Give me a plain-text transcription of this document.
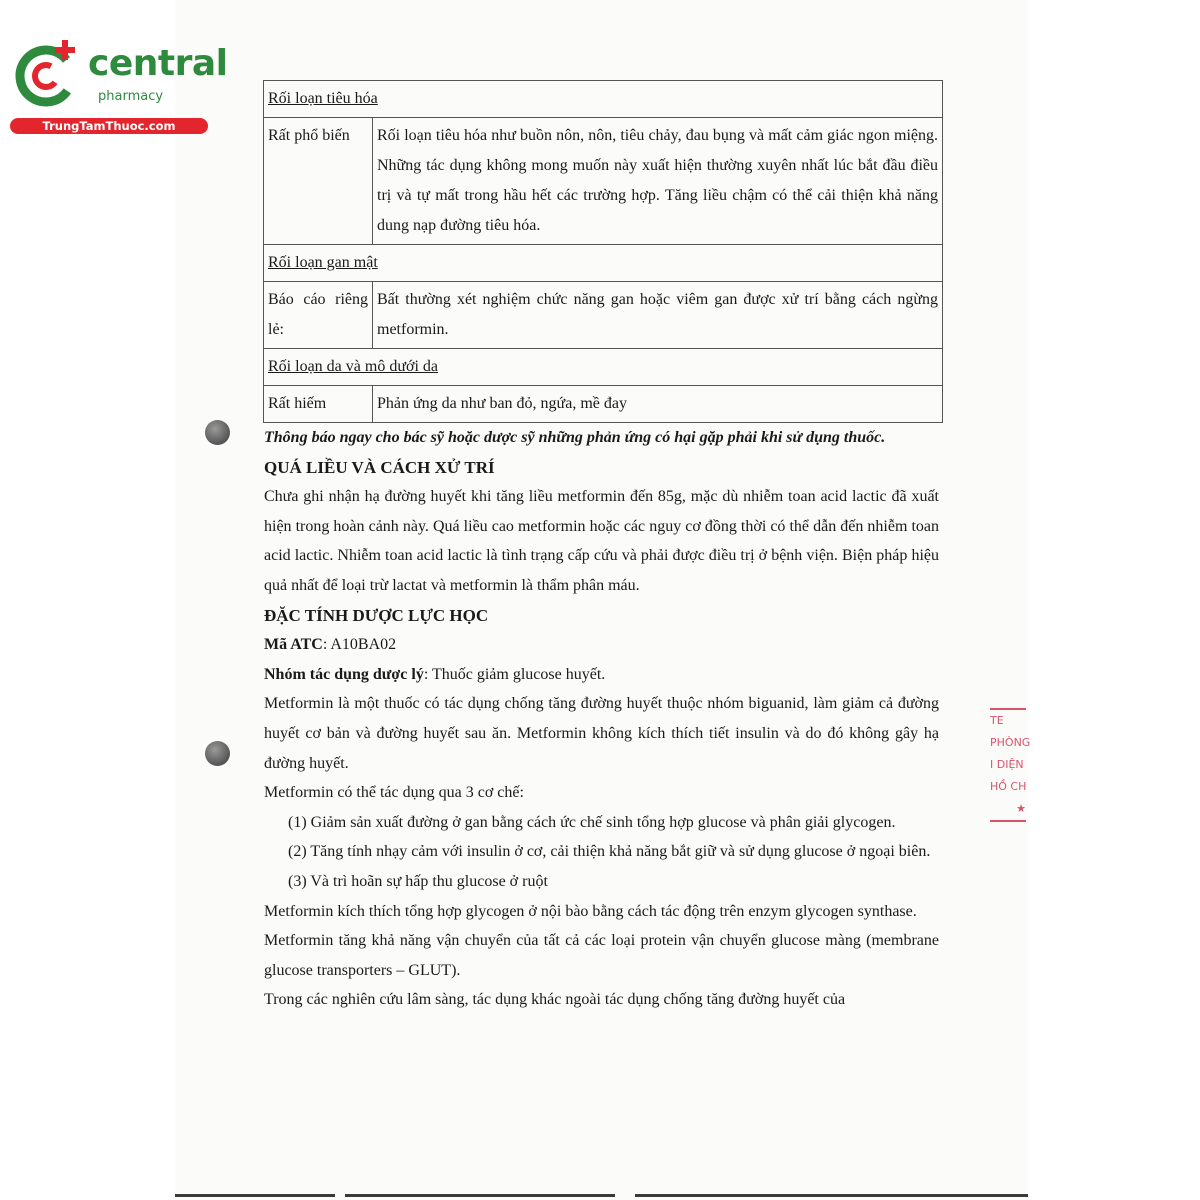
central
pharmacy
TrungTamThuoc.com
Rối loạn tiêu hóa	
Rất phổ biến	Rối loạn tiêu hóa như buồn nôn, nôn, tiêu chảy, đau bụng và mất cảm giác ngon miệng. Những tác dụng không mong muốn này xuất hiện thường xuyên nhất lúc bắt đầu điều trị và tự mất trong hầu hết các trường hợp. Tăng liều chậm có thể cải thiện khả năng dung nạp đường tiêu hóa.
Rối loạn gan mật	
Báo cáo riêng lẻ:	Bất thường xét nghiệm chức năng gan hoặc viêm gan được xử trí bằng cách ngừng metformin.
Rối loạn da và mô dưới da	
Rất hiếm	Phản ứng da như ban đỏ, ngứa, mề đay

Thông báo ngay cho bác sỹ hoặc dược sỹ những phản ứng có hại gặp phải khi sử dụng thuốc.

QUÁ LIỀU VÀ CÁCH XỬ TRÍ

Chưa ghi nhận hạ đường huyết khi tăng liều metformin đến 85g, mặc dù nhiễm toan acid lactic đã xuất hiện trong hoàn cảnh này. Quá liều cao metformin hoặc các nguy cơ đồng thời có thể dẫn đến nhiễm toan acid lactic. Nhiễm toan acid lactic là tình trạng cấp cứu và phải được điều trị ở bệnh viện. Biện pháp hiệu quả nhất để loại trừ lactat và metformin là thẩm phân máu.

ĐẶC TÍNH DƯỢC LỰC HỌC

Mã ATC: A10BA02

Nhóm tác dụng dược lý: Thuốc giảm glucose huyết.

Metformin là một thuốc có tác dụng chống tăng đường huyết thuộc nhóm biguanid, làm giảm cả đường huyết cơ bản và đường huyết sau ăn. Metformin không kích thích tiết insulin và do đó không gây hạ đường huyết.

Metformin có thể tác dụng qua 3 cơ chế:

(1) Giảm sản xuất đường ở gan bằng cách ức chế sinh tổng hợp glucose và phân giải glycogen.

(2) Tăng tính nhạy cảm với insulin ở cơ, cải thiện khả năng bắt giữ và sử dụng glucose ở ngoại biên.

(3) Và trì hoãn sự hấp thu glucose ở ruột

Metformin kích thích tổng hợp glycogen ở nội bào bằng cách tác động trên enzym glycogen synthase.

Metformin tăng khả năng vận chuyển của tất cả các loại protein vận chuyển glucose màng (membrane glucose transporters – GLUT).

Trong các nghiên cứu lâm sàng, tác dụng khác ngoài tác dụng chống tăng đường huyết của

TE
PHÒNG
I DIỆN
HỒ CH
★
